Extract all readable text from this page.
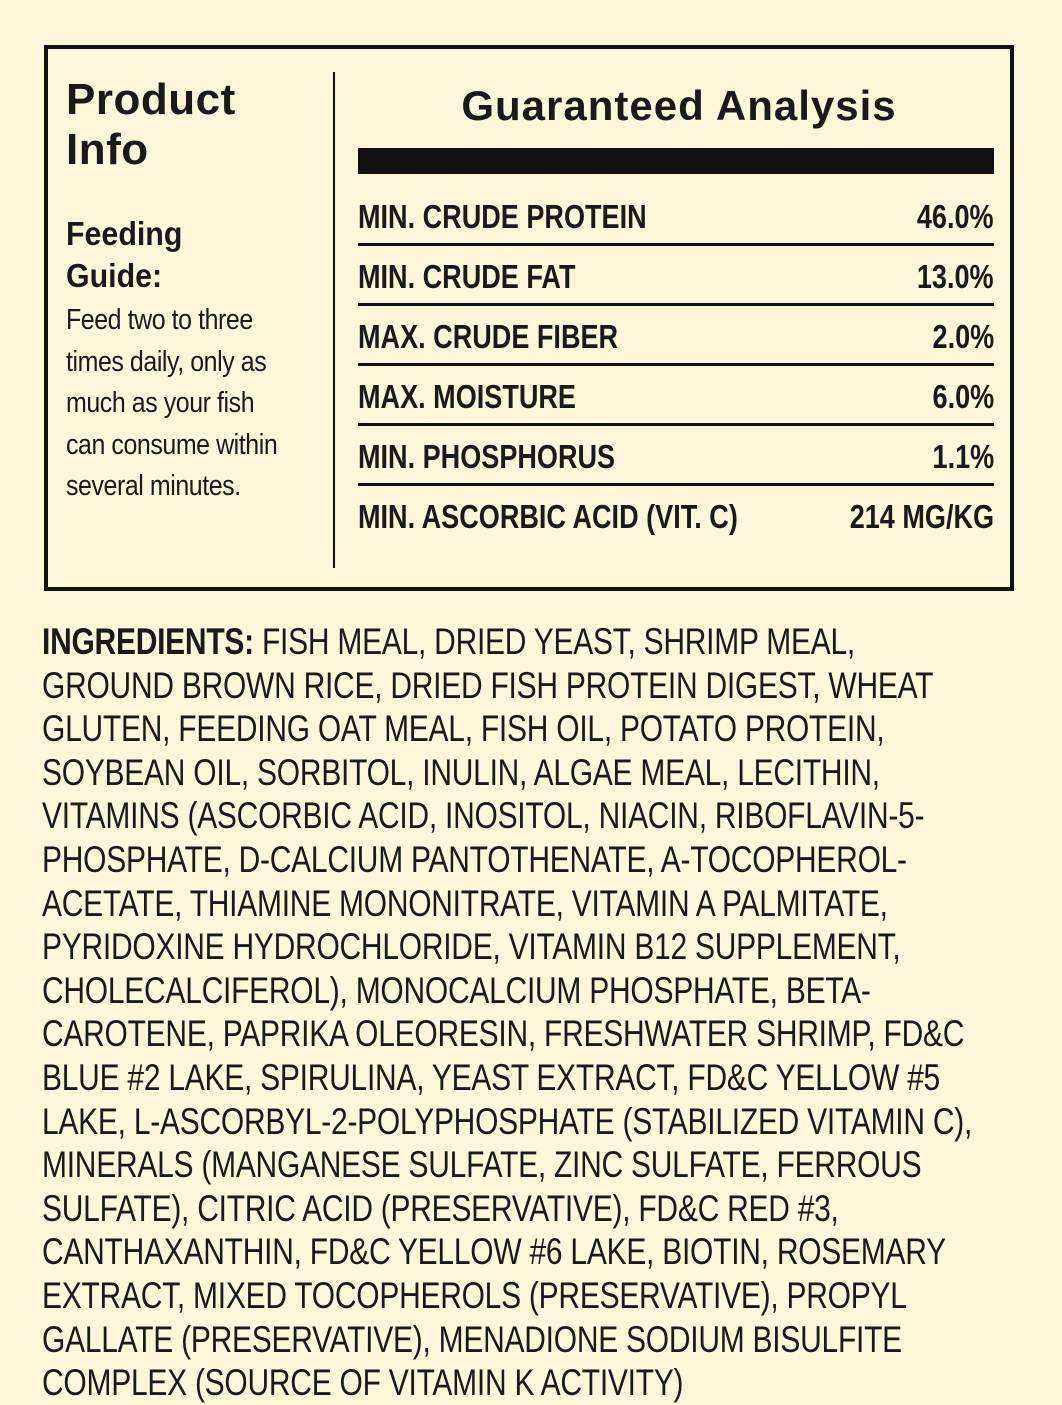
Product Info
Feeding Guide:
Feed two to three times daily, only as much as your fish can consume within several minutes.
Guaranteed Analysis
MIN. CRUDE PROTEIN	46.0%
MIN. CRUDE FAT	13.0%
MAX. CRUDE FIBER	2.0%
MAX. MOISTURE	6.0%
MIN. PHOSPHORUS	1.1%
MIN. ASCORBIC ACID (VIT. C)	214 MG/KG
INGREDIENTS: FISH MEAL, DRIED YEAST, SHRIMP MEAL, GROUND BROWN RICE, DRIED FISH PROTEIN DIGEST, WHEAT GLUTEN, FEEDING OAT MEAL, FISH OIL, POTATO PROTEIN, SOYBEAN OIL, SORBITOL, INULIN, ALGAE MEAL, LECITHIN, VITAMINS (ASCORBIC ACID, INOSITOL, NIACIN, RIBOFLAVIN-5-PHOSPHATE, D-CALCIUM PANTOTHENATE, A-TOCOPHEROL-ACETATE, THIAMINE MONONITRATE, VITAMIN A PALMITATE, PYRIDOXINE HYDROCHLORIDE, VITAMIN B12 SUPPLEMENT, CHOLECALCIFEROL), MONOCALCIUM PHOSPHATE, BETA-CAROTENE, PAPRIKA OLEORESIN, FRESHWATER SHRIMP, FD&C BLUE #2 LAKE, SPIRULINA, YEAST EXTRACT, FD&C YELLOW #5 LAKE, L-ASCORBYL-2-POLYPHOSPHATE (STABILIZED VITAMIN C), MINERALS (MANGANESE SULFATE, ZINC SULFATE, FERROUS SULFATE), CITRIC ACID (PRESERVATIVE), FD&C RED #3, CANTHAXANTHIN, FD&C YELLOW #6 LAKE, BIOTIN, ROSEMARY EXTRACT, MIXED TOCOPHEROLS (PRESERVATIVE), PROPYL GALLATE (PRESERVATIVE), MENADIONE SODIUM BISULFITE COMPLEX (SOURCE OF VITAMIN K ACTIVITY)
